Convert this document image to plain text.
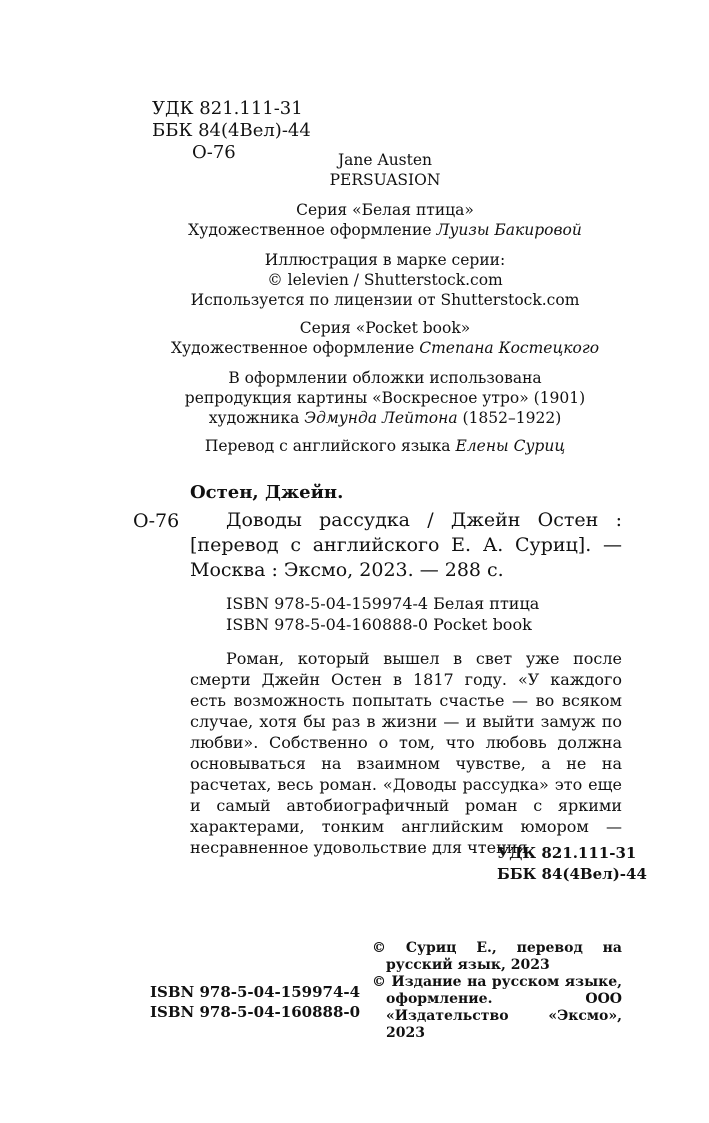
УДК 821.111-31
ББК 84(4Вел)-44
О-76	Jane Austen
PERSUASION
Серия «Белая птица»
Художественное оформление Луизы Бакировой
Иллюстрация в марке серии:
© lelevien / Shutterstock.com
Используется по лицензии от Shutterstock.com
Серия «Pocket book»
Художественное оформление Степана Костецкого
В оформлении обложки использована
репродукция картины «Воскресное утро» (1901)
художника Эдмунда Лейтона (1852–1922)
Перевод с английского языка Елены Суриц
Остен, Джейн.
О-76	Доводы рассудка / Джейн Остен : [перевод с английского Е. А. Суриц]. — Москва : Эксмо, 2023. — 288 с.
ISBN 978-5-04-159974-4 Белая птица
ISBN 978-5-04-160888-0 Pocket book
Роман, который вышел в свет уже после смерти Джейн Остен в 1817 году. «У каждого есть возможность попытать счастье — во всяком случае, хотя бы раз в жизни — и выйти замуж по любви». Собственно о том, что любовь должна основываться на взаимном чувстве, а не на расчетах, весь роман. «Доводы рассудка» это еще и самый автобиографичный роман с яркими характерами, тонким английским юмором — несравненное удовольствие для чтения.
УДК 821.111-31
ББК 84(4Вел)-44
ISBN 978-5-04-159974-4
ISBN 978-5-04-160888-0
© Суриц Е., перевод на русский язык, 2023
© Издание на русском языке, оформление. ООО «Издательство «Эксмо», 2023
